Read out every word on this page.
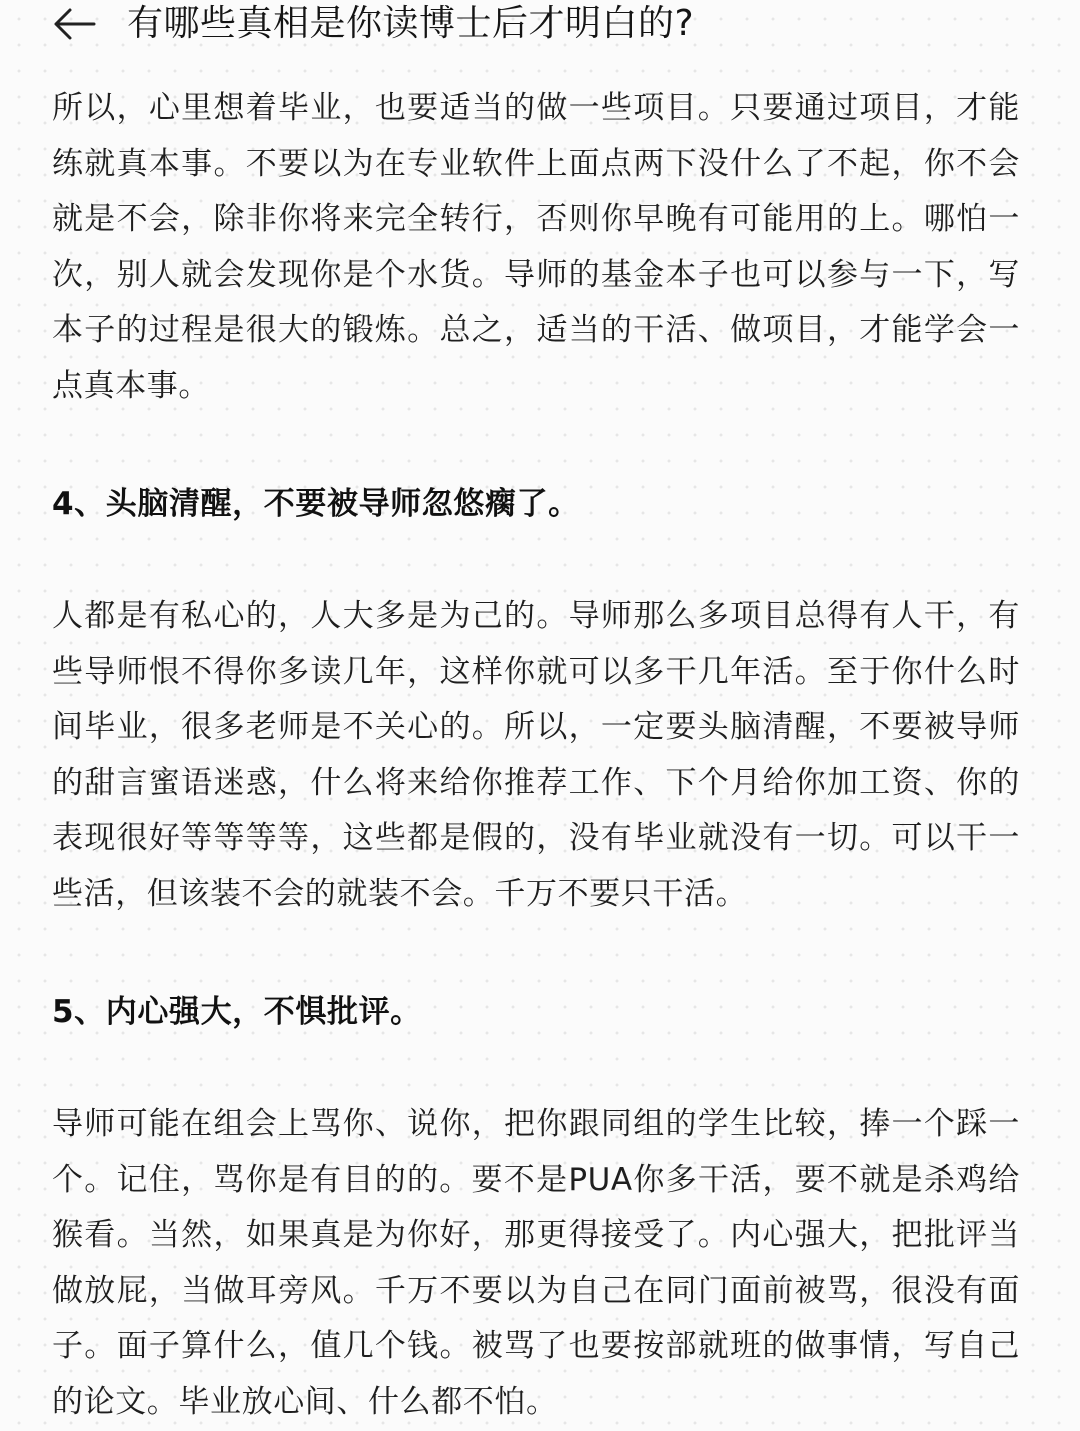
有哪些真相是你读博士后才明白的?

所以，心里想着毕业，也要适当的做一些项目。只要通过项目，才能练就真本事。不要以为在专业软件上面点两下没什么了不起，你不会就是不会，除非你将来完全转行，否则你早晚有可能用的上。哪怕一次，别人就会发现你是个水货。导师的基金本子也可以参与一下，写本子的过程是很大的锻炼。总之，适当的干活、做项目，才能学会一点真本事。

4、头脑清醒，不要被导师忽悠瘸了。

人都是有私心的，人大多是为己的。导师那么多项目总得有人干，有些导师恨不得你多读几年，这样你就可以多干几年活。至于你什么时间毕业，很多老师是不关心的。所以，一定要头脑清醒，不要被导师的甜言蜜语迷惑，什么将来给你推荐工作、下个月给你加工资、你的表现很好等等等等，这些都是假的，没有毕业就没有一切。可以干一些活，但该装不会的就装不会。千万不要只干活。

5、内心强大，不惧批评。

导师可能在组会上骂你、说你，把你跟同组的学生比较，捧一个踩一个。记住，骂你是有目的的。要不是PUA你多干活，要不就是杀鸡给猴看。当然，如果真是为你好，那更得接受了。内心强大，把批评当做放屁，当做耳旁风。千万不要以为自己在同门面前被骂，很没有面子。面子算什么，值几个钱。被骂了也要按部就班的做事情，写自己的论文。毕业放心间、什么都不怕。
